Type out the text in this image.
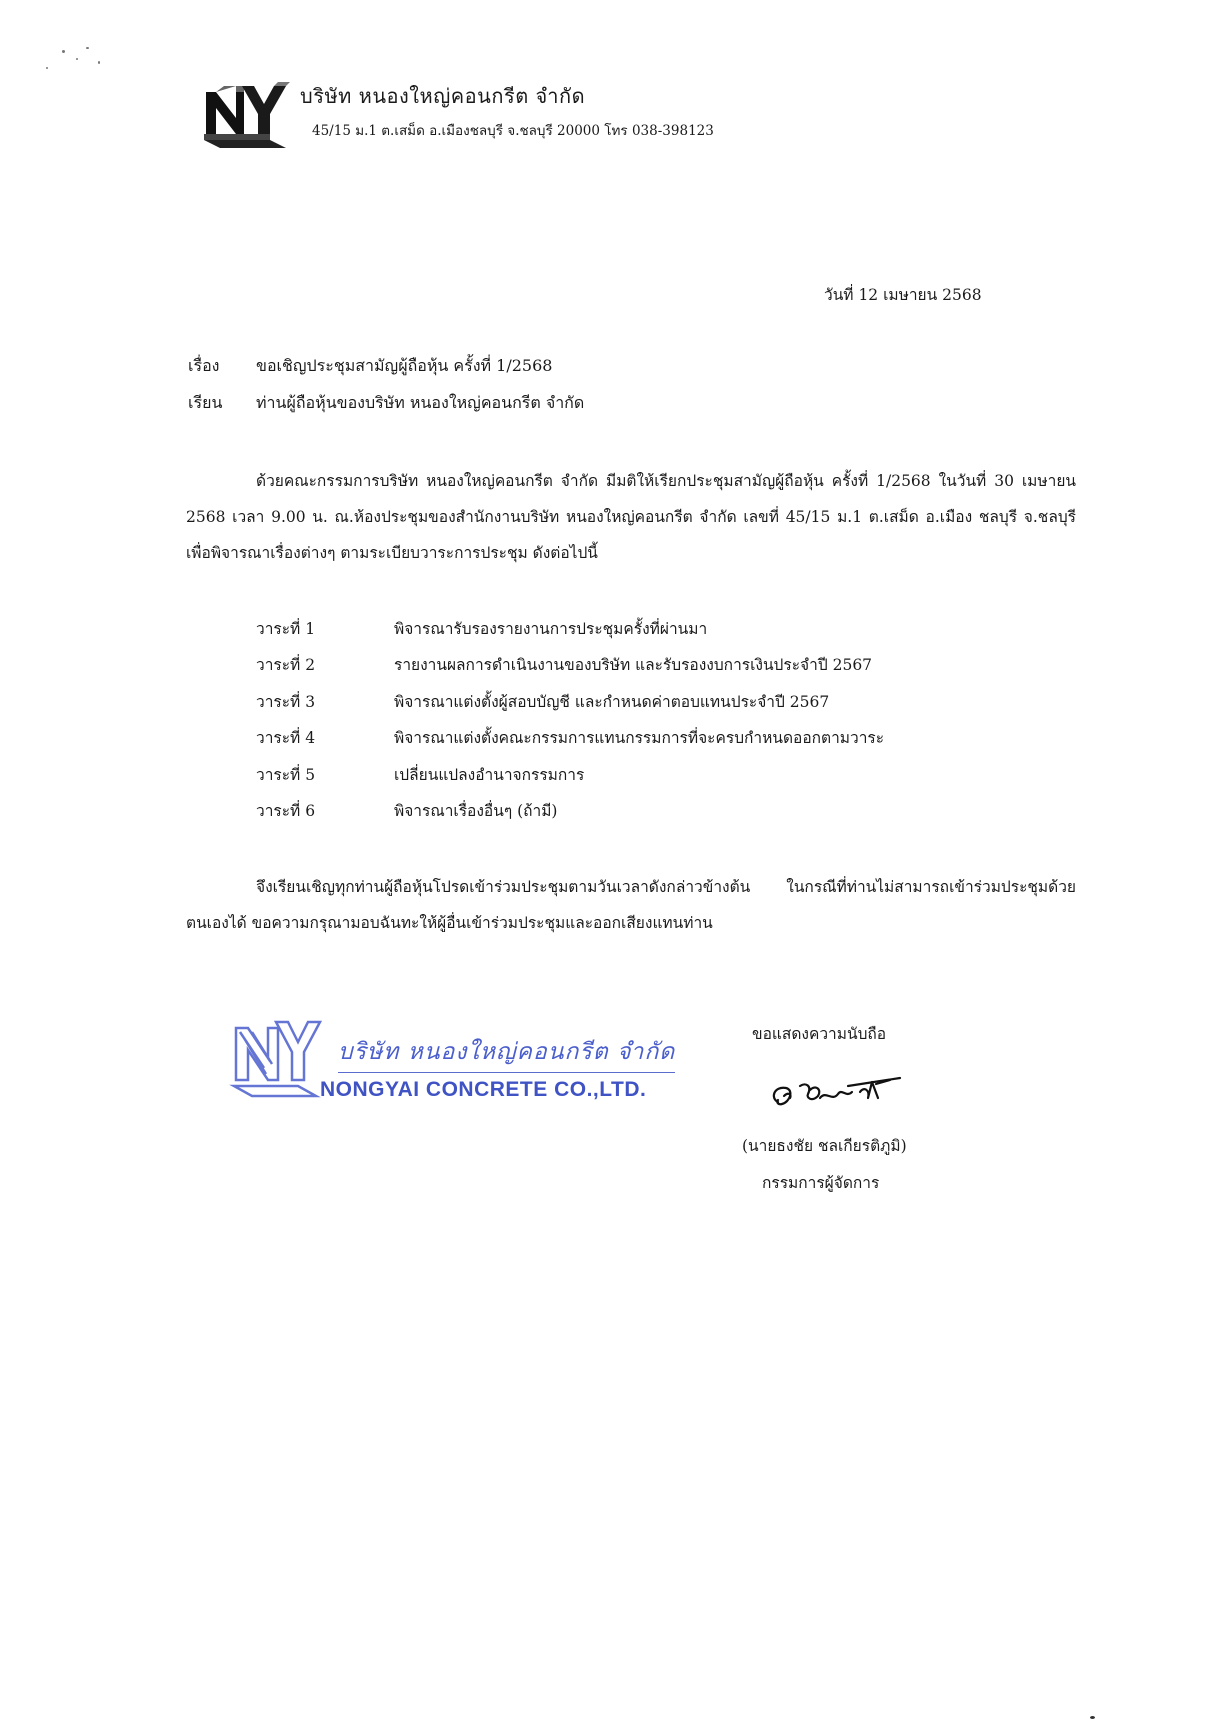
บริษัท หนองใหญ่คอนกรีต จำกัด
45/15 ม.1 ต.เสม็ด อ.เมืองชลบุรี จ.ชลบุรี 20000 โทร 038-398123
วันที่ 12 เมษายน 2568
เรื่อง ขอเชิญประชุมสามัญผู้ถือหุ้น ครั้งที่ 1/2568
เรียน ท่านผู้ถือหุ้นของบริษัท หนองใหญ่คอนกรีต จำกัด
ด้วยคณะกรรมการบริษัท หนองใหญ่คอนกรีต จำกัด มีมติให้เรียกประชุมสามัญผู้ถือหุ้น ครั้งที่ 1/2568 ในวันที่ 30 เมษายน 2568 เวลา 9.00 น. ณ.ห้องประชุมของสำนักงานบริษัท หนองใหญ่คอนกรีต จำกัด เลขที่ 45/15 ม.1 ต.เสม็ด อ.เมือง ชลบุรี จ.ชลบุรี เพื่อพิจารณาเรื่องต่างๆ ตามระเบียบวาระการประชุม ดังต่อไปนี้
วาระที่ 1	พิจารณารับรองรายงานการประชุมครั้งที่ผ่านมา
วาระที่ 2	รายงานผลการดำเนินงานของบริษัท และรับรองงบการเงินประจำปี 2567
วาระที่ 3	พิจารณาแต่งตั้งผู้สอบบัญชี และกำหนดค่าตอบแทนประจำปี 2567
วาระที่ 4	พิจารณาแต่งตั้งคณะกรรมการแทนกรรมการที่จะครบกำหนดออกตามวาระ
วาระที่ 5	เปลี่ยนแปลงอำนาจกรรมการ
วาระที่ 6	พิจารณาเรื่องอื่นๆ (ถ้ามี)
จึงเรียนเชิญทุกท่านผู้ถือหุ้นโปรดเข้าร่วมประชุมตามวันเวลาดังกล่าวข้างต้น ในกรณีที่ท่านไม่สามารถเข้าร่วมประชุมด้วยตนเองได้ ขอความกรุณามอบฉันทะให้ผู้อื่นเข้าร่วมประชุมและออกเสียงแทนท่าน
บริษัท หนองใหญ่คอนกรีต จำกัด
NONGYAI CONCRETE CO.,LTD.
ขอแสดงความนับถือ
(นายธงชัย ชลเกียรติภูมิ)
กรรมการผู้จัดการ
